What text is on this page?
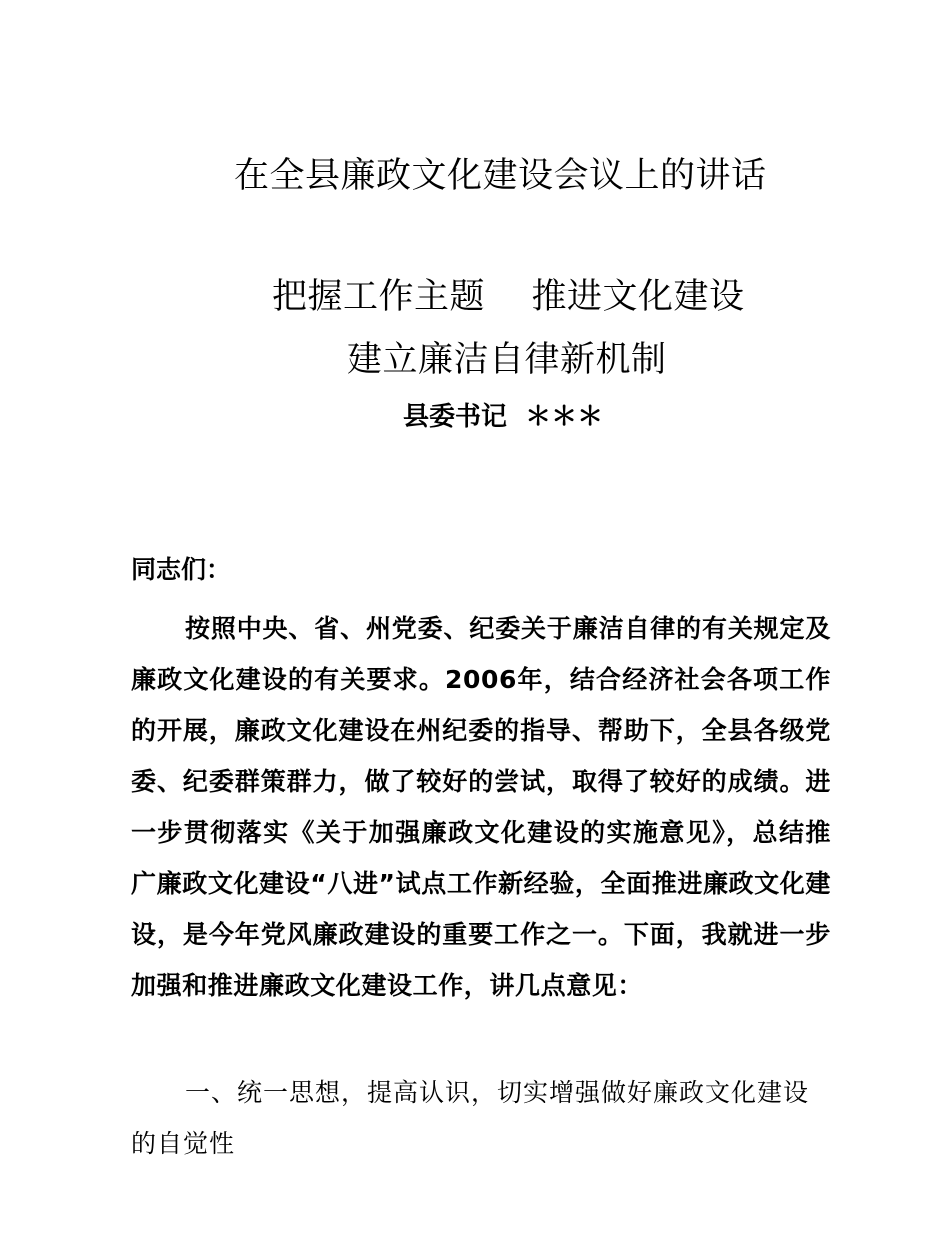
在全县廉政文化建设会议上的讲话
把握工作主题    推进文化建设
建立廉洁自律新机制
县委书记  ＊＊＊
同志们：
按照中央、省、州党委、纪委关于廉洁自律的有关规定及廉政文化建设的有关要求。2006年，结合经济社会各项工作的开展，廉政文化建设在州纪委的指导、帮助下，全县各级党委、纪委群策群力，做了较好的尝试，取得了较好的成绩。进一步贯彻落实《关于加强廉政文化建设的实施意见》，总结推广廉政文化建设“八进”试点工作新经验，全面推进廉政文化建设，是今年党风廉政建设的重要工作之一。下面，我就进一步加强和推进廉政文化建设工作，讲几点意见：
一、统一思想，提高认识，切实增强做好廉政文化建设的自觉性
